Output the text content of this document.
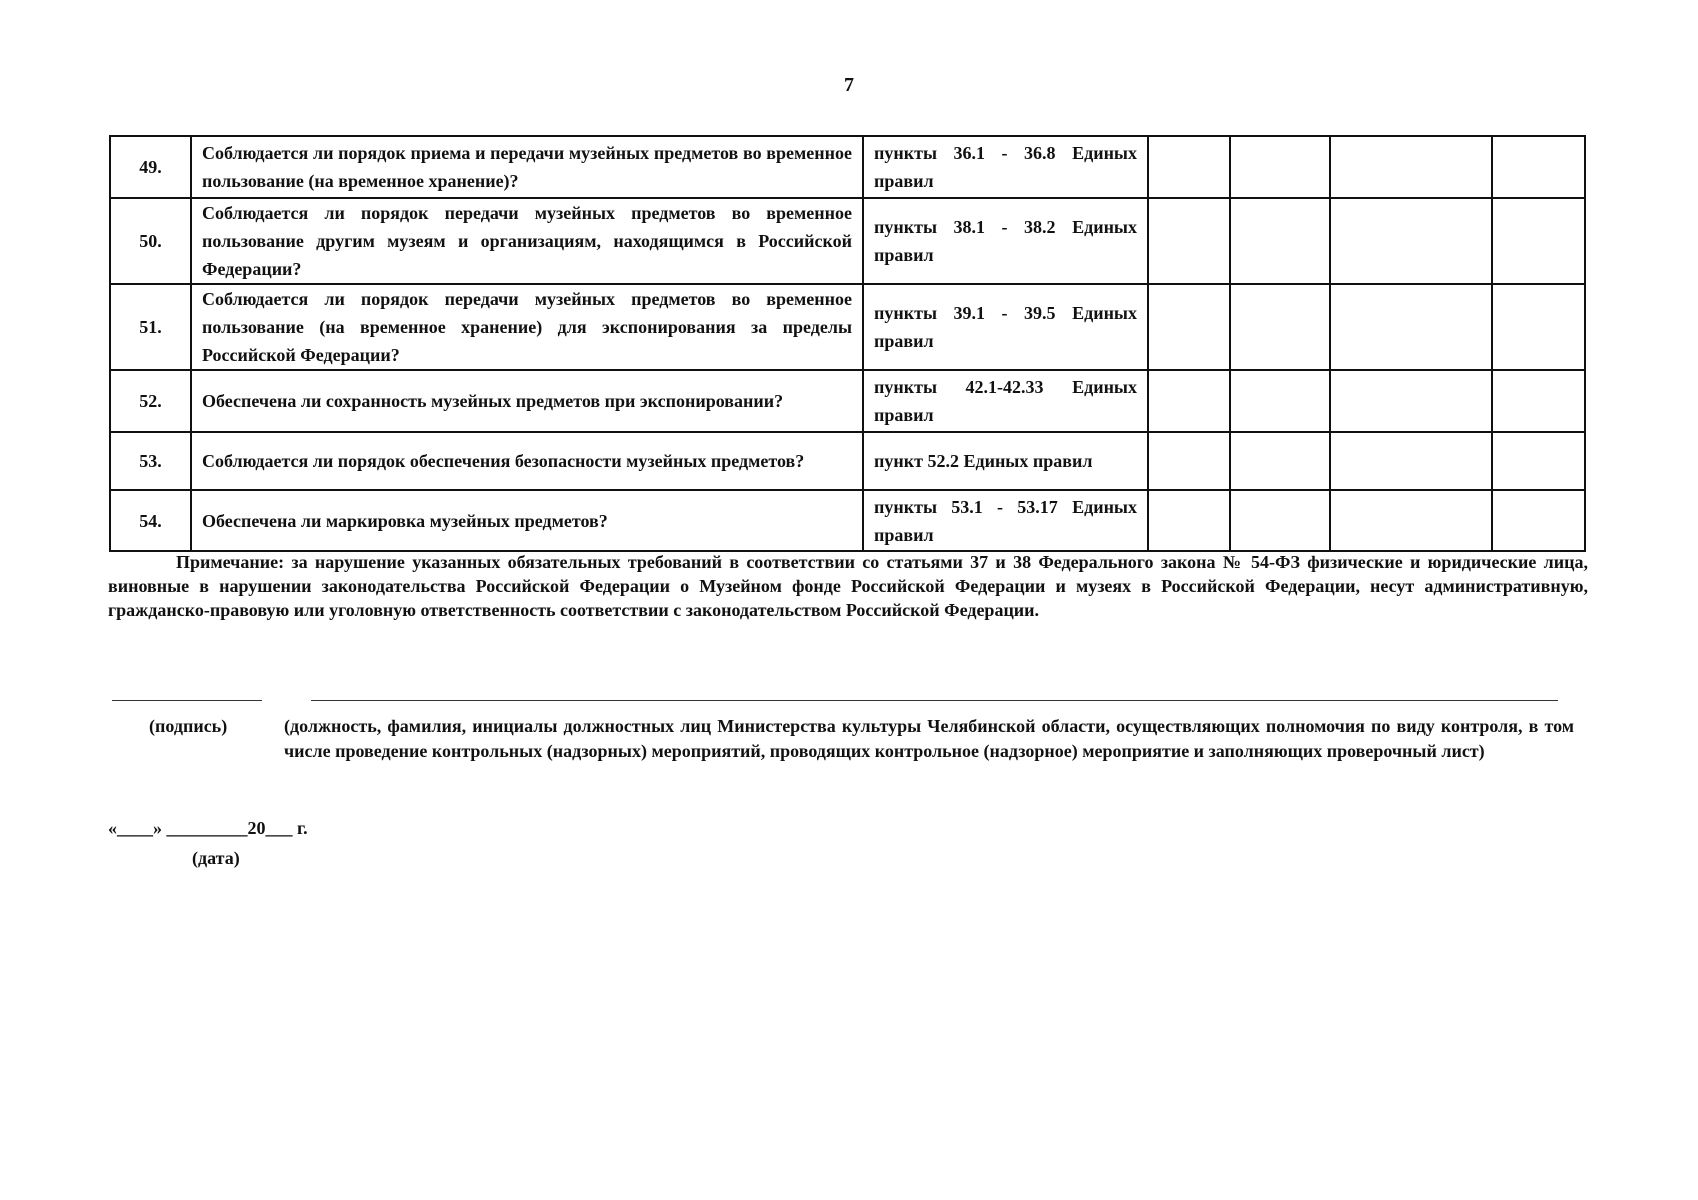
7
49.	Соблюдается ли порядок приема и передачи музейных предметов во временное пользование (на временное хранение)?	пункты 36.1 - 36.8 Единых правил				
50.	Соблюдается ли порядок передачи музейных предметов во временное пользование другим музеям и организациям, находящимся в Российской Федерации?	пункты 38.1 - 38.2 Единых правил				
51.	Соблюдается ли порядок передачи музейных предметов во временное пользование (на временное хранение) для экспонирования за пределы Российской Федерации?	пункты 39.1 - 39.5 Единых правил				
52.	Обеспечена ли сохранность музейных предметов при экспонировании?	пункты 42.1-42.33 Единых правил				
53.	Соблюдается ли порядок обеспечения безопасности музейных предметов?	пункт 52.2 Единых правил				
54.	Обеспечена ли маркировка музейных предметов?	пункты 53.1 - 53.17 Единых правил				
Примечание: за нарушение указанных обязательных требований в соответствии со статьями 37 и 38 Федерального закона № 54-ФЗ физические и юридические лица, виновные в нарушении законодательства Российской Федерации о Музейном фонде Российской Федерации и музеях в Российской Федерации, несут административную, гражданско-правовую или уголовную ответственность соответствии с законодательством Российской Федерации.
(подпись)	(должность, фамилия, инициалы должностных лиц Министерства культуры Челябинской области, осуществляющих полномочия по виду контроля, в том числе проведение контрольных (надзорных) мероприятий, проводящих контрольное (надзорное) мероприятие и заполняющих проверочный лист)
«____» _________20___ г.
(дата)
